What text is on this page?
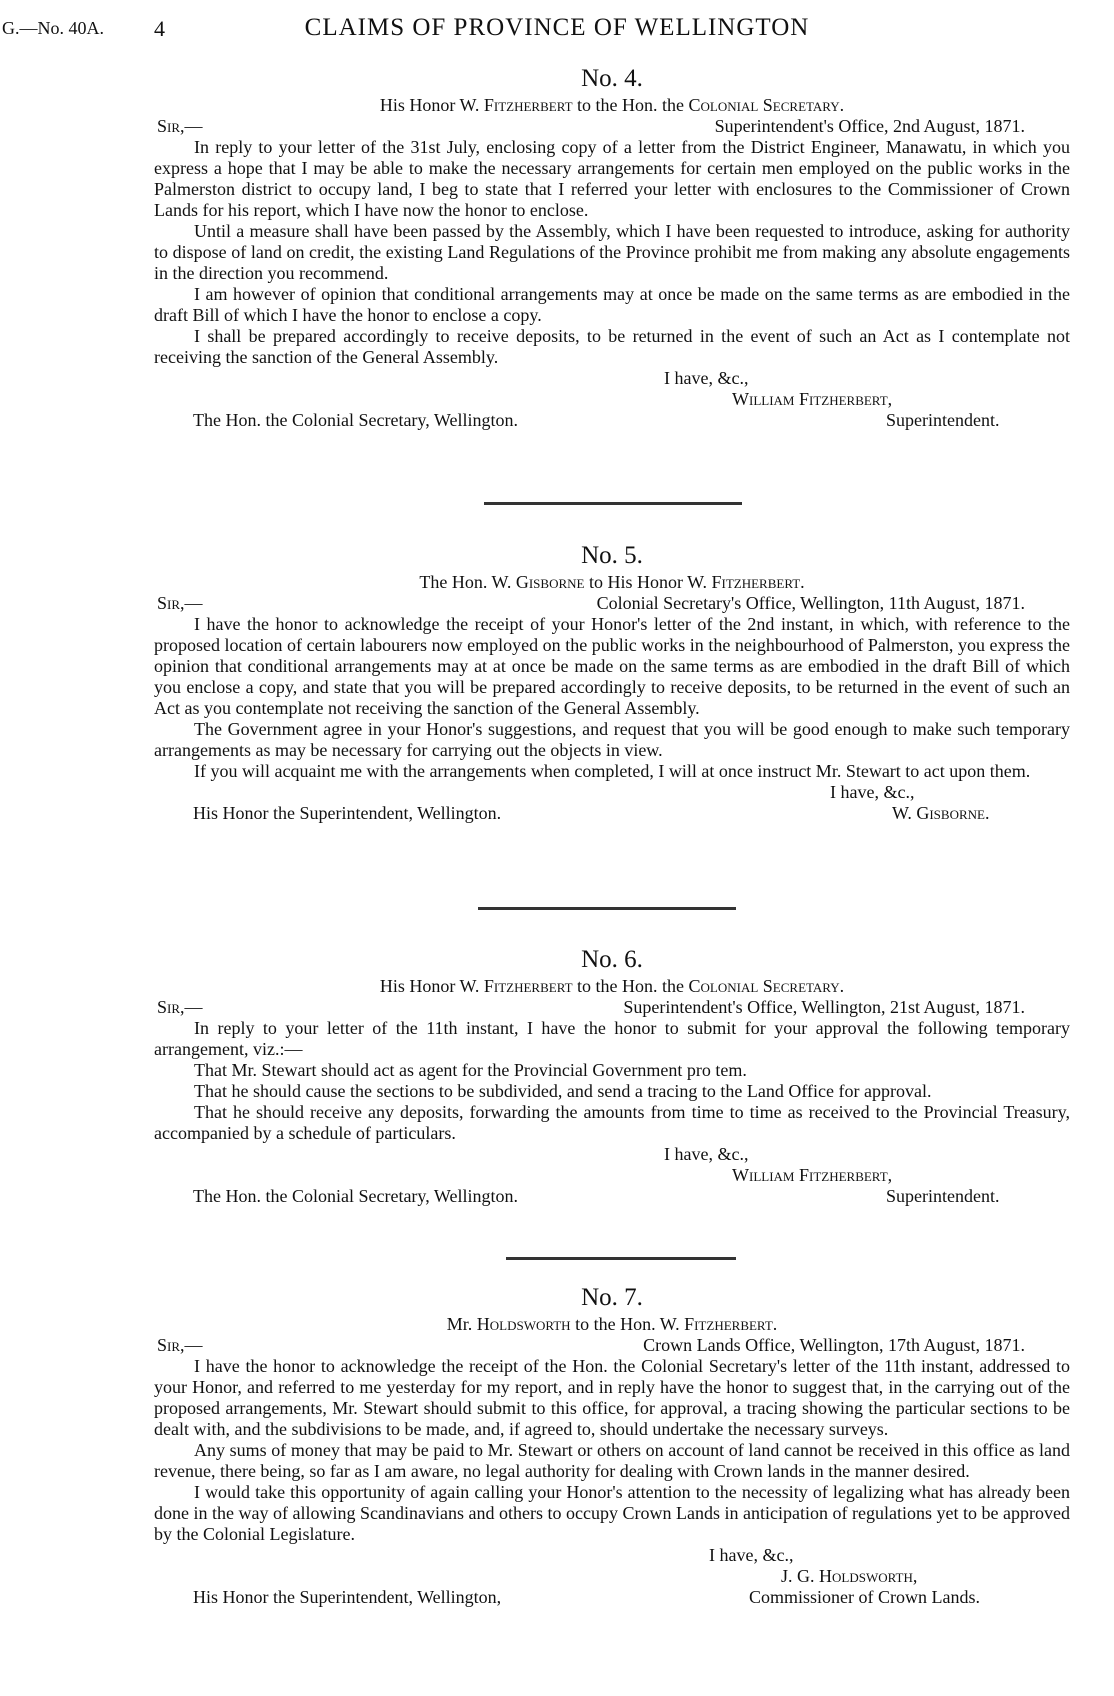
G.—No. 40A. 4	CLAIMS OF PROVINCE OF WELLINGTON
No. 4.
His Honor W. Fitzherbert to the Hon. the Colonial Secretary.
Sir,—	Superintendent's Office, 2nd August, 1871.

In reply to your letter of the 31st July, enclosing copy of a letter from the District Engineer, Manawatu, in which you express a hope that I may be able to make the necessary arrangements for certain men employed on the public works in the Palmerston district to occupy land, I beg to state that I referred your letter with enclosures to the Commissioner of Crown Lands for his report, which I have now the honor to enclose.

Until a measure shall have been passed by the Assembly, which I have been requested to introduce, asking for authority to dispose of land on credit, the existing Land Regulations of the Province prohibit me from making any absolute engagements in the direction you recommend.

I am however of opinion that conditional arrangements may at once be made on the same terms as are embodied in the draft Bill of which I have the honor to enclose a copy.

I shall be prepared accordingly to receive deposits, to be returned in the event of such an Act as I contemplate not receiving the sanction of the General Assembly.

I have, &c.,
William Fitzherbert,
The Hon. the Colonial Secretary, Wellington.	Superintendent.
No. 5.
The Hon. W. Gisborne to His Honor W. Fitzherbert.
Sir,—	Colonial Secretary's Office, Wellington, 11th August, 1871.

I have the honor to acknowledge the receipt of your Honor's letter of the 2nd instant, in which, with reference to the proposed location of certain labourers now employed on the public works in the neighbourhood of Palmerston, you express the opinion that conditional arrangements may at at once be made on the same terms as are embodied in the draft Bill of which you enclose a copy, and state that you will be prepared accordingly to receive deposits, to be returned in the event of such an Act as you contemplate not receiving the sanction of the General Assembly.

The Government agree in your Honor's suggestions, and request that you will be good enough to make such temporary arrangements as may be necessary for carrying out the objects in view.

If you will acquaint me with the arrangements when completed, I will at once instruct Mr. Stewart to act upon them.

I have, &c.,
His Honor the Superintendent, Wellington.	W. Gisborne.
No. 6.
His Honor W. Fitzherbert to the Hon. the Colonial Secretary.
Sir,—	Superintendent's Office, Wellington, 21st August, 1871.

In reply to your letter of the 11th instant, I have the honor to submit for your approval the following temporary arrangement, viz.:—

That Mr. Stewart should act as agent for the Provincial Government pro tem.

That he should cause the sections to be subdivided, and send a tracing to the Land Office for approval.

That he should receive any deposits, forwarding the amounts from time to time as received to the Provincial Treasury, accompanied by a schedule of particulars.

I have, &c.,
William Fitzherbert,
The Hon. the Colonial Secretary, Wellington.	Superintendent.
No. 7.
Mr. Holdsworth to the Hon. W. Fitzherbert.
Sir,—	Crown Lands Office, Wellington, 17th August, 1871.

I have the honor to acknowledge the receipt of the Hon. the Colonial Secretary's letter of the 11th instant, addressed to your Honor, and referred to me yesterday for my report, and in reply have the honor to suggest that, in the carrying out of the proposed arrangements, Mr. Stewart should submit to this office, for approval, a tracing showing the particular sections to be dealt with, and the subdivisions to be made, and, if agreed to, should undertake the necessary surveys.

Any sums of money that may be paid to Mr. Stewart or others on account of land cannot be received in this office as land revenue, there being, so far as I am aware, no legal authority for dealing with Crown lands in the manner desired.

I would take this opportunity of again calling your Honor's attention to the necessity of legalizing what has already been done in the way of allowing Scandinavians and others to occupy Crown Lands in anticipation of regulations yet to be approved by the Colonial Legislature.

I have, &c.,
J. G. Holdsworth,
His Honor the Superintendent, Wellington,	Commissioner of Crown Lands.
